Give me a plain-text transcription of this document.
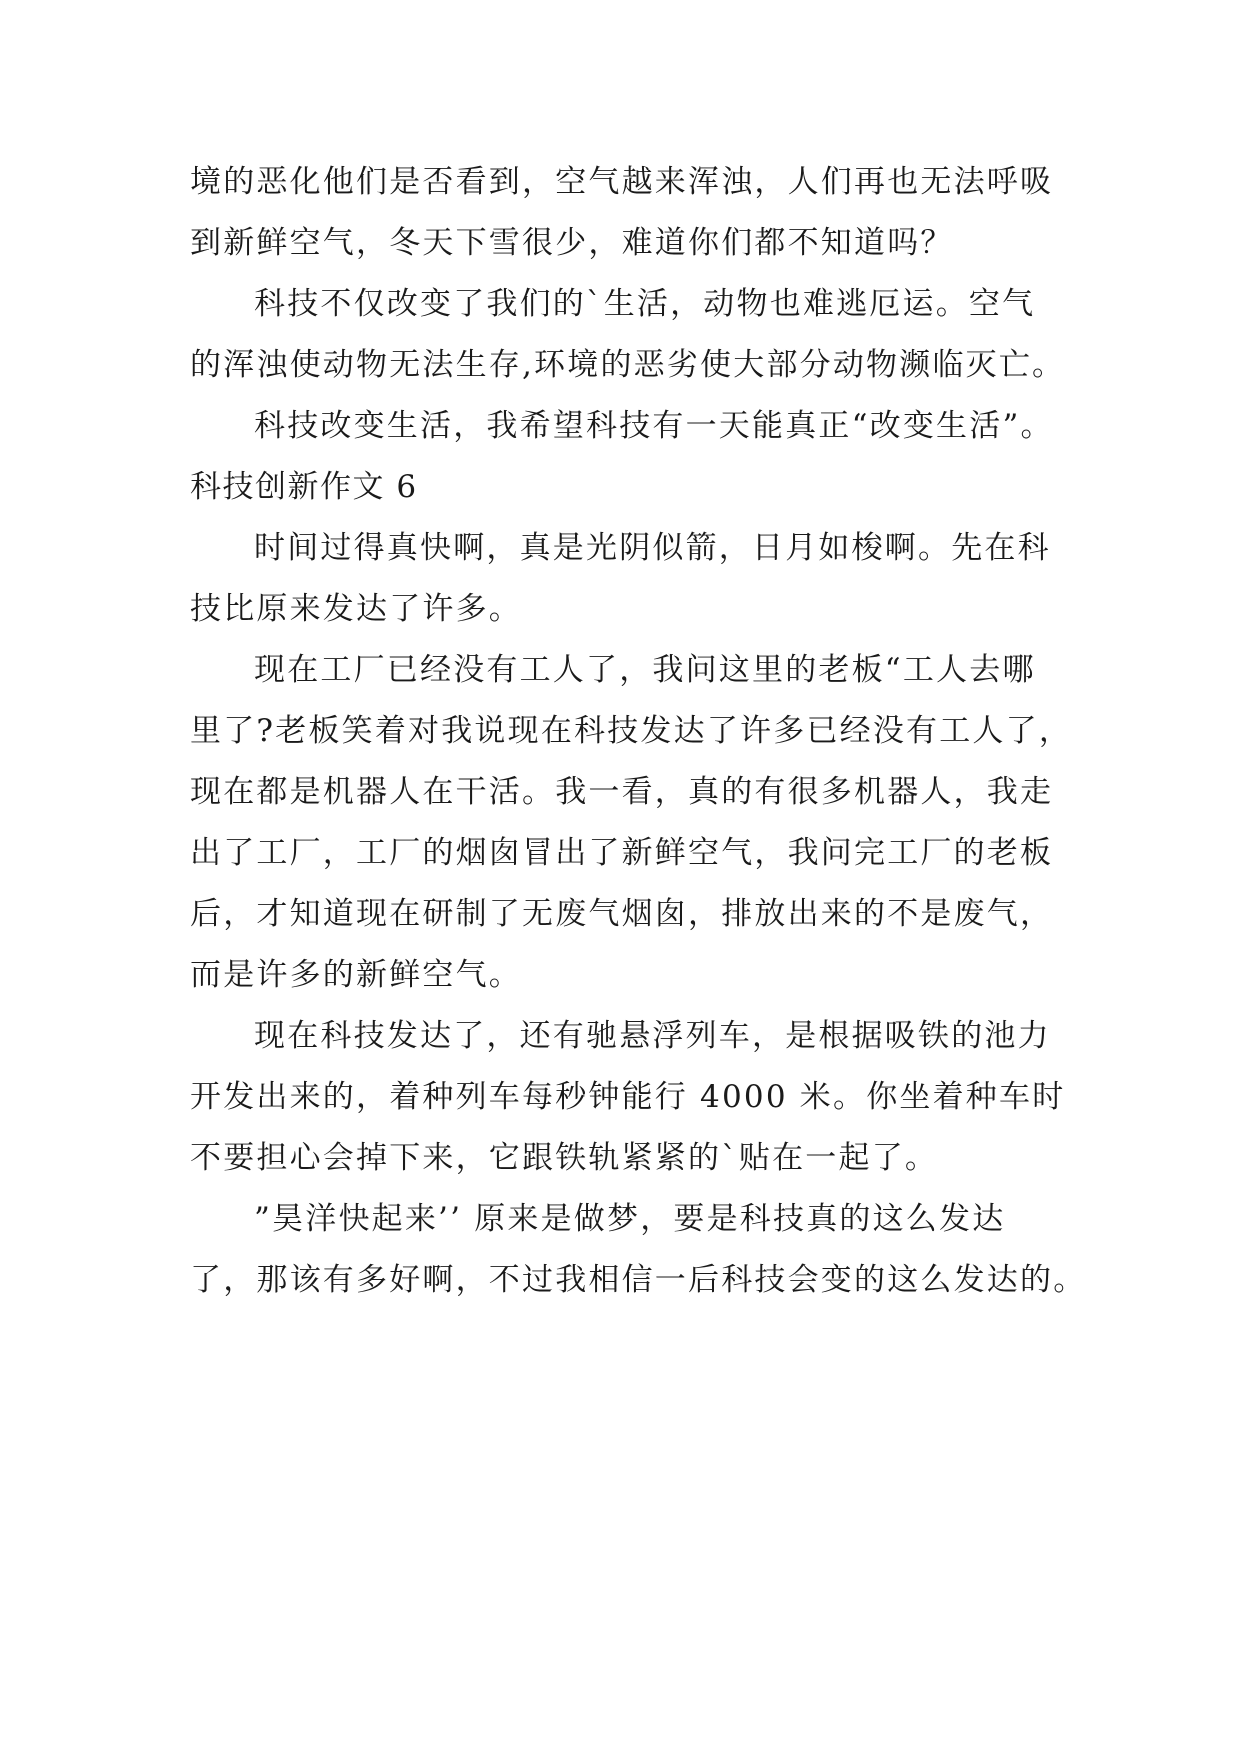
境的恶化他们是否看到，空气越来浑浊，人们再也无法呼吸
到新鲜空气，冬天下雪很少，难道你们都不知道吗？
科技不仅改变了我们的`生活，动物也难逃厄运。空气
的浑浊使动物无法生存,环境的恶劣使大部分动物濒临灭亡。
科技改变生活，我希望科技有一天能真正“改变生活”。
科技创新作文 6
时间过得真快啊，真是光阴似箭，日月如梭啊。先在科
技比原来发达了许多。
现在工厂已经没有工人了，我问这里的老板“工人去哪
里了?老板笑着对我说现在科技发达了许多已经没有工人了，
现在都是机器人在干活。我一看，真的有很多机器人，我走
出了工厂，工厂的烟囱冒出了新鲜空气，我问完工厂的老板
后，才知道现在研制了无废气烟囱，排放出来的不是废气，
而是许多的新鲜空气。
现在科技发达了，还有驰悬浮列车，是根据吸铁的池力
开发出来的，着种列车每秒钟能行 4000 米。你坐着种车时
不要担心会掉下来，它跟铁轨紧紧的`贴在一起了。
”昊洋快起来’’ 原来是做梦，要是科技真的这么发达
了，那该有多好啊，不过我相信一后科技会变的这么发达的。
